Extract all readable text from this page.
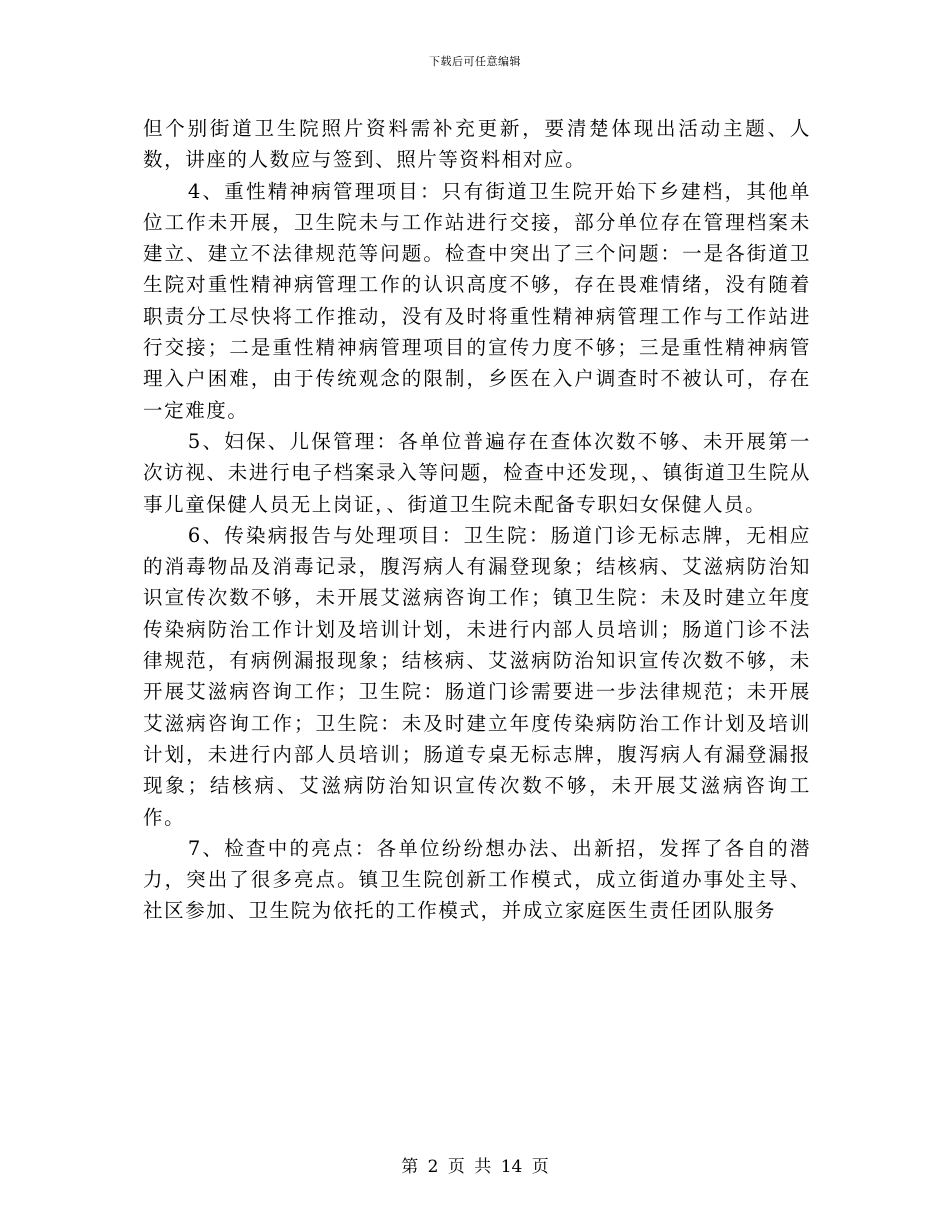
下载后可任意编辑

但个别街道卫生院照片资料需补充更新，要清楚体现出活动主题、人数，讲座的人数应与签到、照片等资料相对应。

4、重性精神病管理项目：只有街道卫生院开始下乡建档，其他单位工作未开展，卫生院未与工作站进行交接，部分单位存在管理档案未建立、建立不法律规范等问题。检查中突出了三个问题：一是各街道卫生院对重性精神病管理工作的认识高度不够，存在畏难情绪，没有随着职责分工尽快将工作推动，没有及时将重性精神病管理工作与工作站进行交接；二是重性精神病管理项目的宣传力度不够；三是重性精神病管理入户困难，由于传统观念的限制，乡医在入户调查时不被认可，存在一定难度。

5、妇保、儿保管理：各单位普遍存在查体次数不够、未开展第一次访视、未进行电子档案录入等问题，检查中还发现，、镇街道卫生院从事儿童保健人员无上岗证，、街道卫生院未配备专职妇女保健人员。

6、传染病报告与处理项目：卫生院：肠道门诊无标志牌，无相应的消毒物品及消毒记录，腹泻病人有漏登现象；结核病、艾滋病防治知识宣传次数不够，未开展艾滋病咨询工作；镇卫生院：未及时建立年度传染病防治工作计划及培训计划，未进行内部人员培训；肠道门诊不法律规范，有病例漏报现象；结核病、艾滋病防治知识宣传次数不够，未开展艾滋病咨询工作；卫生院：肠道门诊需要进一步法律规范；未开展艾滋病咨询工作；卫生院：未及时建立年度传染病防治工作计划及培训计划，未进行内部人员培训；肠道专桌无标志牌，腹泻病人有漏登漏报现象；结核病、艾滋病防治知识宣传次数不够，未开展艾滋病咨询工作。

7、检查中的亮点：各单位纷纷想办法、出新招，发挥了各自的潜力，突出了很多亮点。镇卫生院创新工作模式，成立街道办事处主导、社区参加、卫生院为依托的工作模式，并成立家庭医生责任团队服务

第 2 页 共 14 页
